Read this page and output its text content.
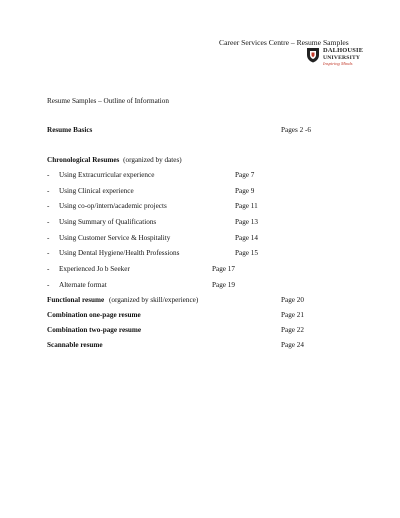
Career Services Centre – Resume Samples
DALHOUSIE
UNIVERSITY
Inspiring Minds
Resume Samples – Outline of Information
Resume Basics	Pages 2 -6
Chronological Resumes (organized by dates)
- Using Extracurricular experience	Page 7
- Using Clinical experience	Page 9
- Using co-op/intern/academic projects	Page 11
- Using Summary of Qualifications	Page 13
- Using Customer Service & Hospitality	Page 14
- Using Dental Hygiene/Health Professions	Page 15
- Experienced Jo b Seeker	Page 17
- Alternate format	Page 19
Functional resume (organized by skill/experience)	Page 20
Combination one-page resume	Page 21
Combination two-page resume	Page 22
Scannable resume	Page 24
